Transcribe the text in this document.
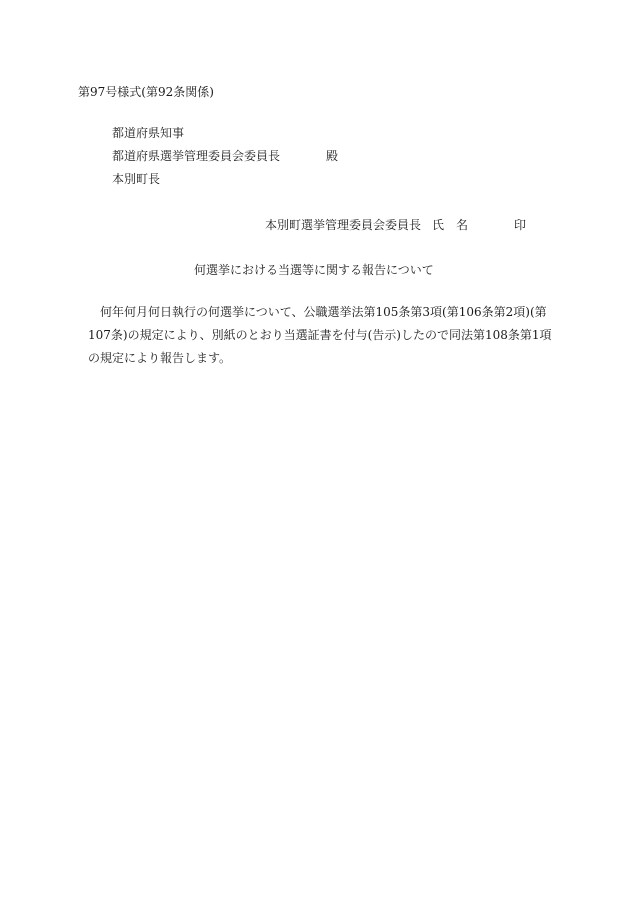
第97号様式(第92条関係)
都道府県知事
都道府県選挙管理委員会委員長	殿
本別町長
本別町選挙管理委員会委員長 氏　名	印
何選挙における当選等に関する報告について
何年何月何日執行の何選挙について、公職選挙法第105条第3項(第106条第2項)(第107条)の規定により、別紙のとおり当選証書を付与(告示)したので同法第108条第1項の規定により報告します。
